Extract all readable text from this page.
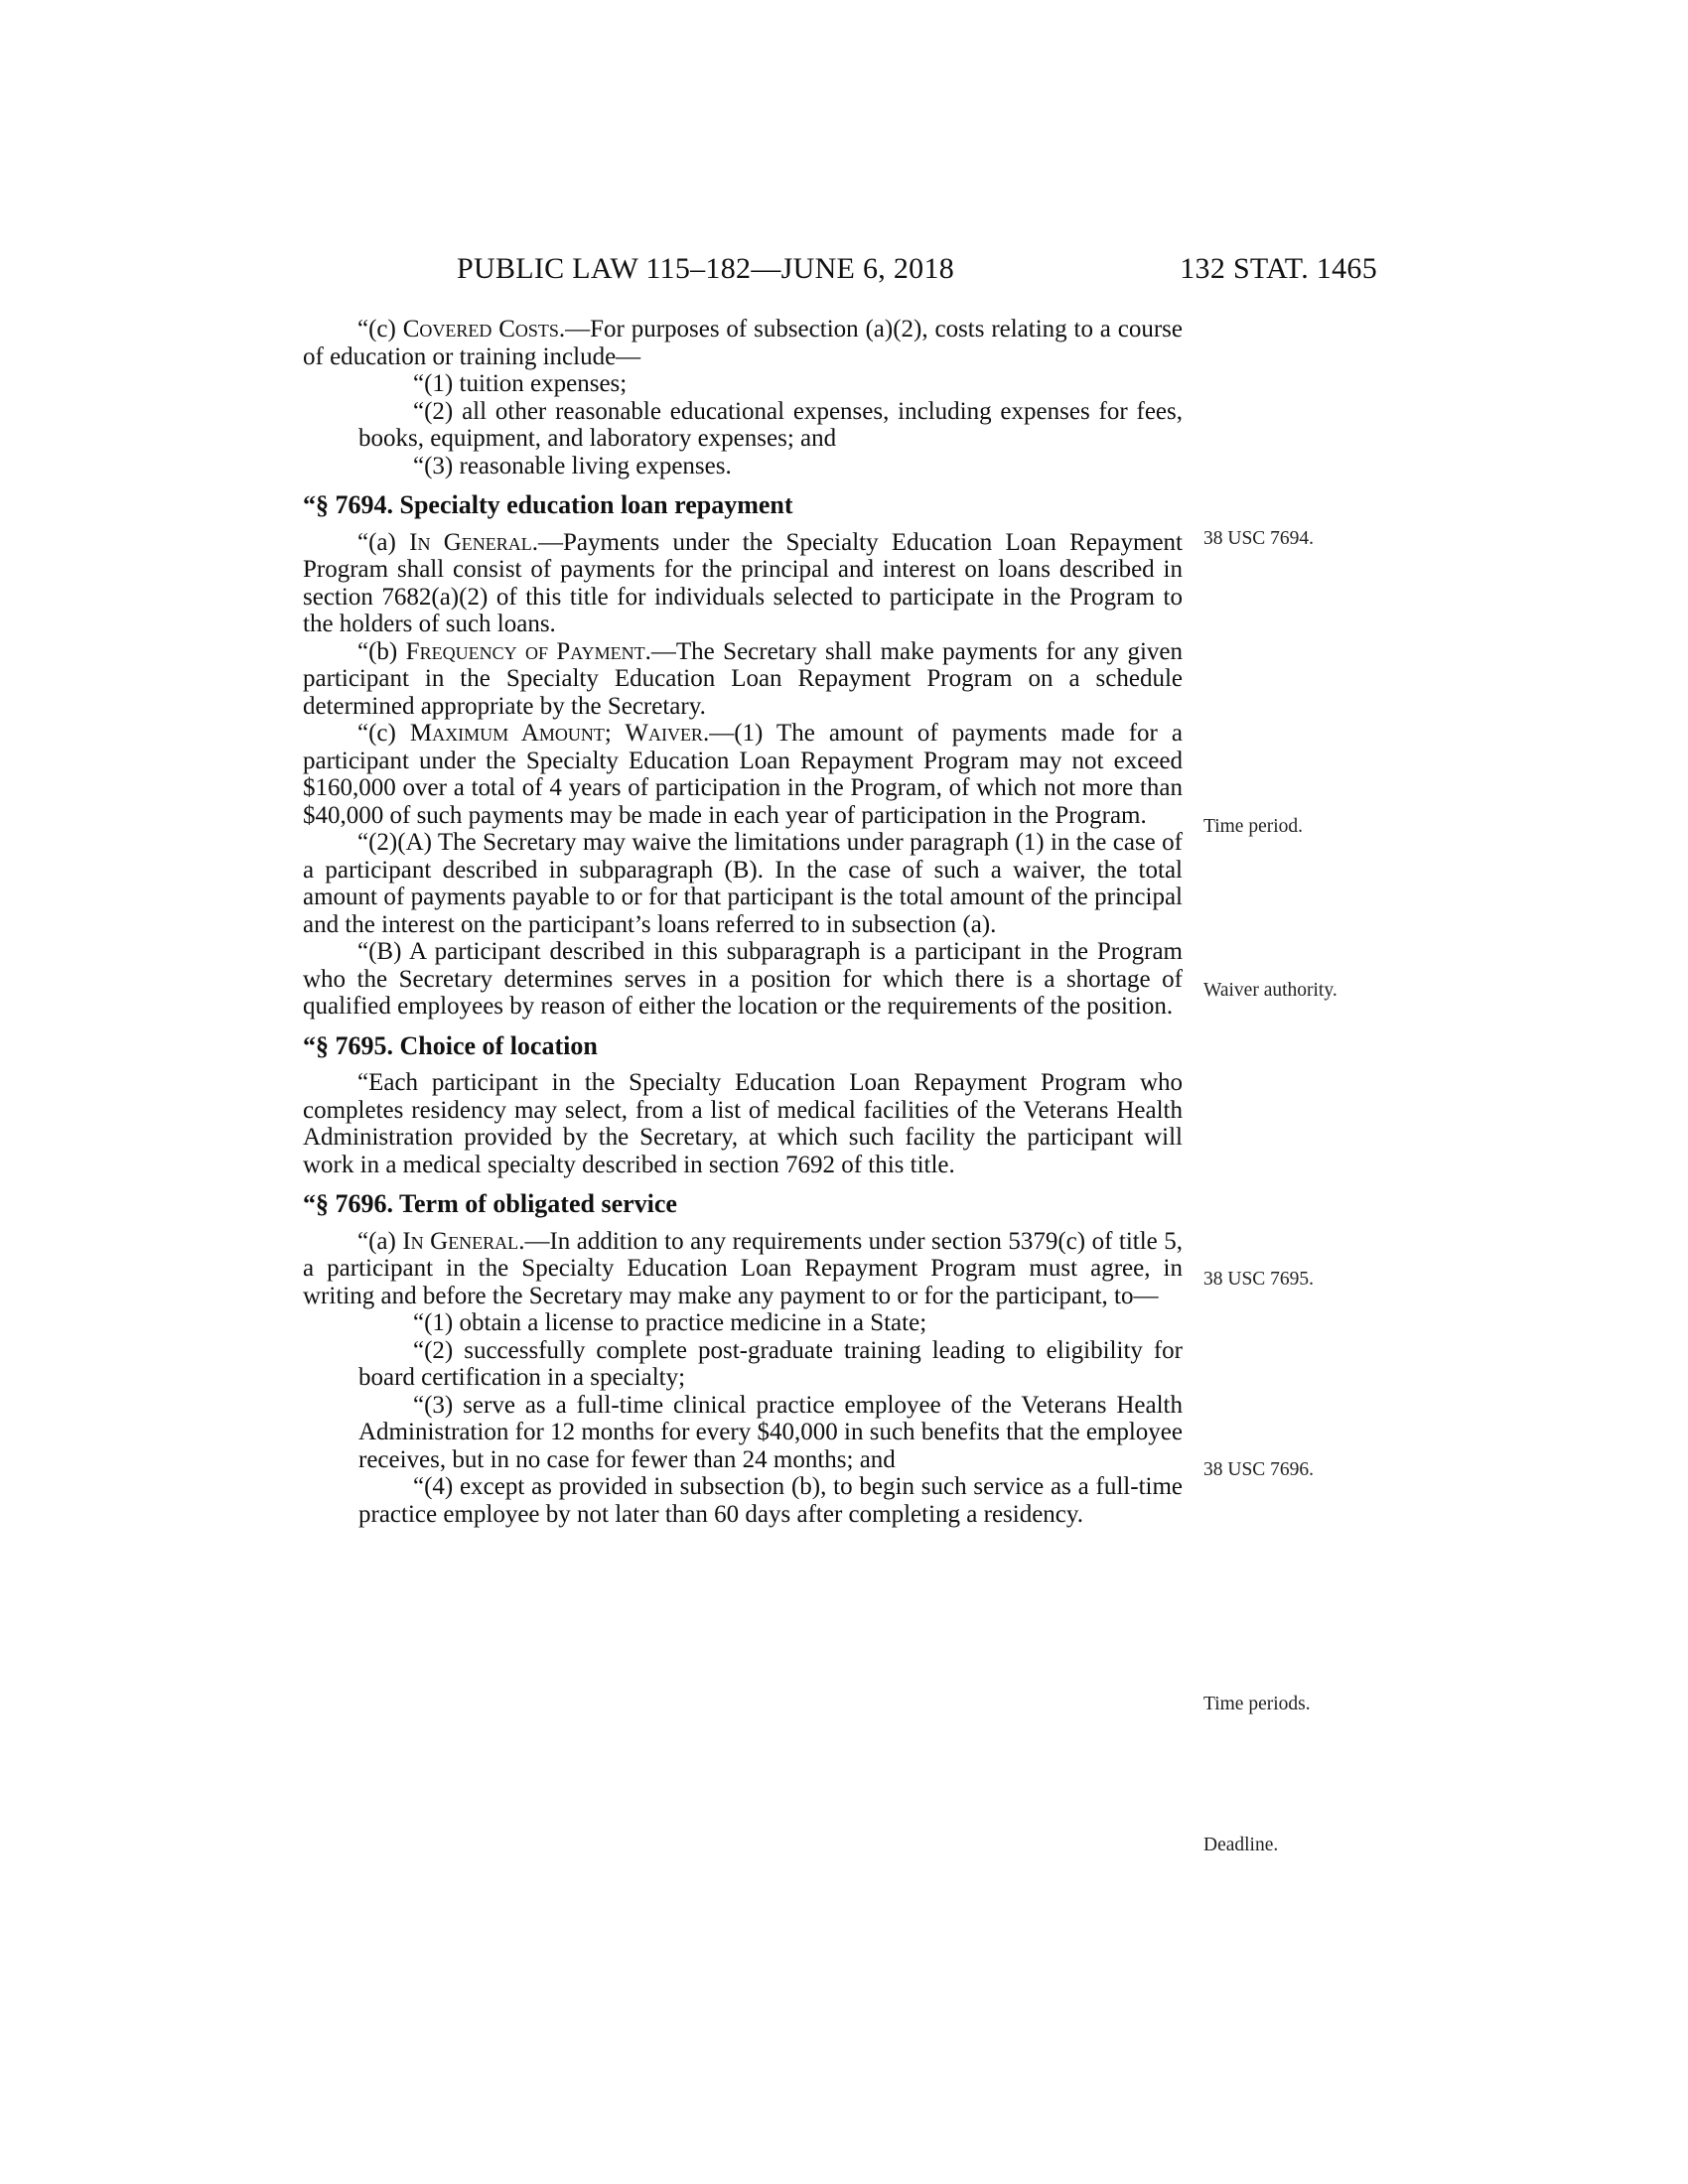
PUBLIC LAW 115–182—JUNE 6, 2018	132 STAT. 1465

“(c) Covered Costs.—For purposes of subsection (a)(2), costs relating to a course of education or training include—

“(1) tuition expenses;

“(2) all other reasonable educational expenses, including expenses for fees, books, equipment, and laboratory expenses; and

“(3) reasonable living expenses.

“§ 7694. Specialty education loan repayment

“(a) In General.—Payments under the Specialty Education Loan Repayment Program shall consist of payments for the principal and interest on loans described in section 7682(a)(2) of this title for individuals selected to participate in the Program to the holders of such loans.

“(b) Frequency of Payment.—The Secretary shall make payments for any given participant in the Specialty Education Loan Repayment Program on a schedule determined appropriate by the Secretary.

“(c) Maximum Amount; Waiver.—(1) The amount of payments made for a participant under the Specialty Education Loan Repayment Program may not exceed $160,000 over a total of 4 years of participation in the Program, of which not more than $40,000 of such payments may be made in each year of participation in the Program.

“(2)(A) The Secretary may waive the limitations under paragraph (1) in the case of a participant described in subparagraph (B). In the case of such a waiver, the total amount of payments payable to or for that participant is the total amount of the principal and the interest on the participant’s loans referred to in subsection (a).

“(B) A participant described in this subparagraph is a participant in the Program who the Secretary determines serves in a position for which there is a shortage of qualified employees by reason of either the location or the requirements of the position.

“§ 7695. Choice of location

“Each participant in the Specialty Education Loan Repayment Program who completes residency may select, from a list of medical facilities of the Veterans Health Administration provided by the Secretary, at which such facility the participant will work in a medical specialty described in section 7692 of this title.

“§ 7696. Term of obligated service

“(a) In General.—In addition to any requirements under section 5379(c) of title 5, a participant in the Specialty Education Loan Repayment Program must agree, in writing and before the Secretary may make any payment to or for the participant, to—

“(1) obtain a license to practice medicine in a State;

“(2) successfully complete post-graduate training leading to eligibility for board certification in a specialty;

“(3) serve as a full-time clinical practice employee of the Veterans Health Administration for 12 months for every $40,000 in such benefits that the employee receives, but in no case for fewer than 24 months; and

“(4) except as provided in subsection (b), to begin such service as a full-time practice employee by not later than 60 days after completing a residency.

38 USC 7694.
Time period.
Waiver authority.
38 USC 7695.
38 USC 7696.
Time periods.
Deadline.
